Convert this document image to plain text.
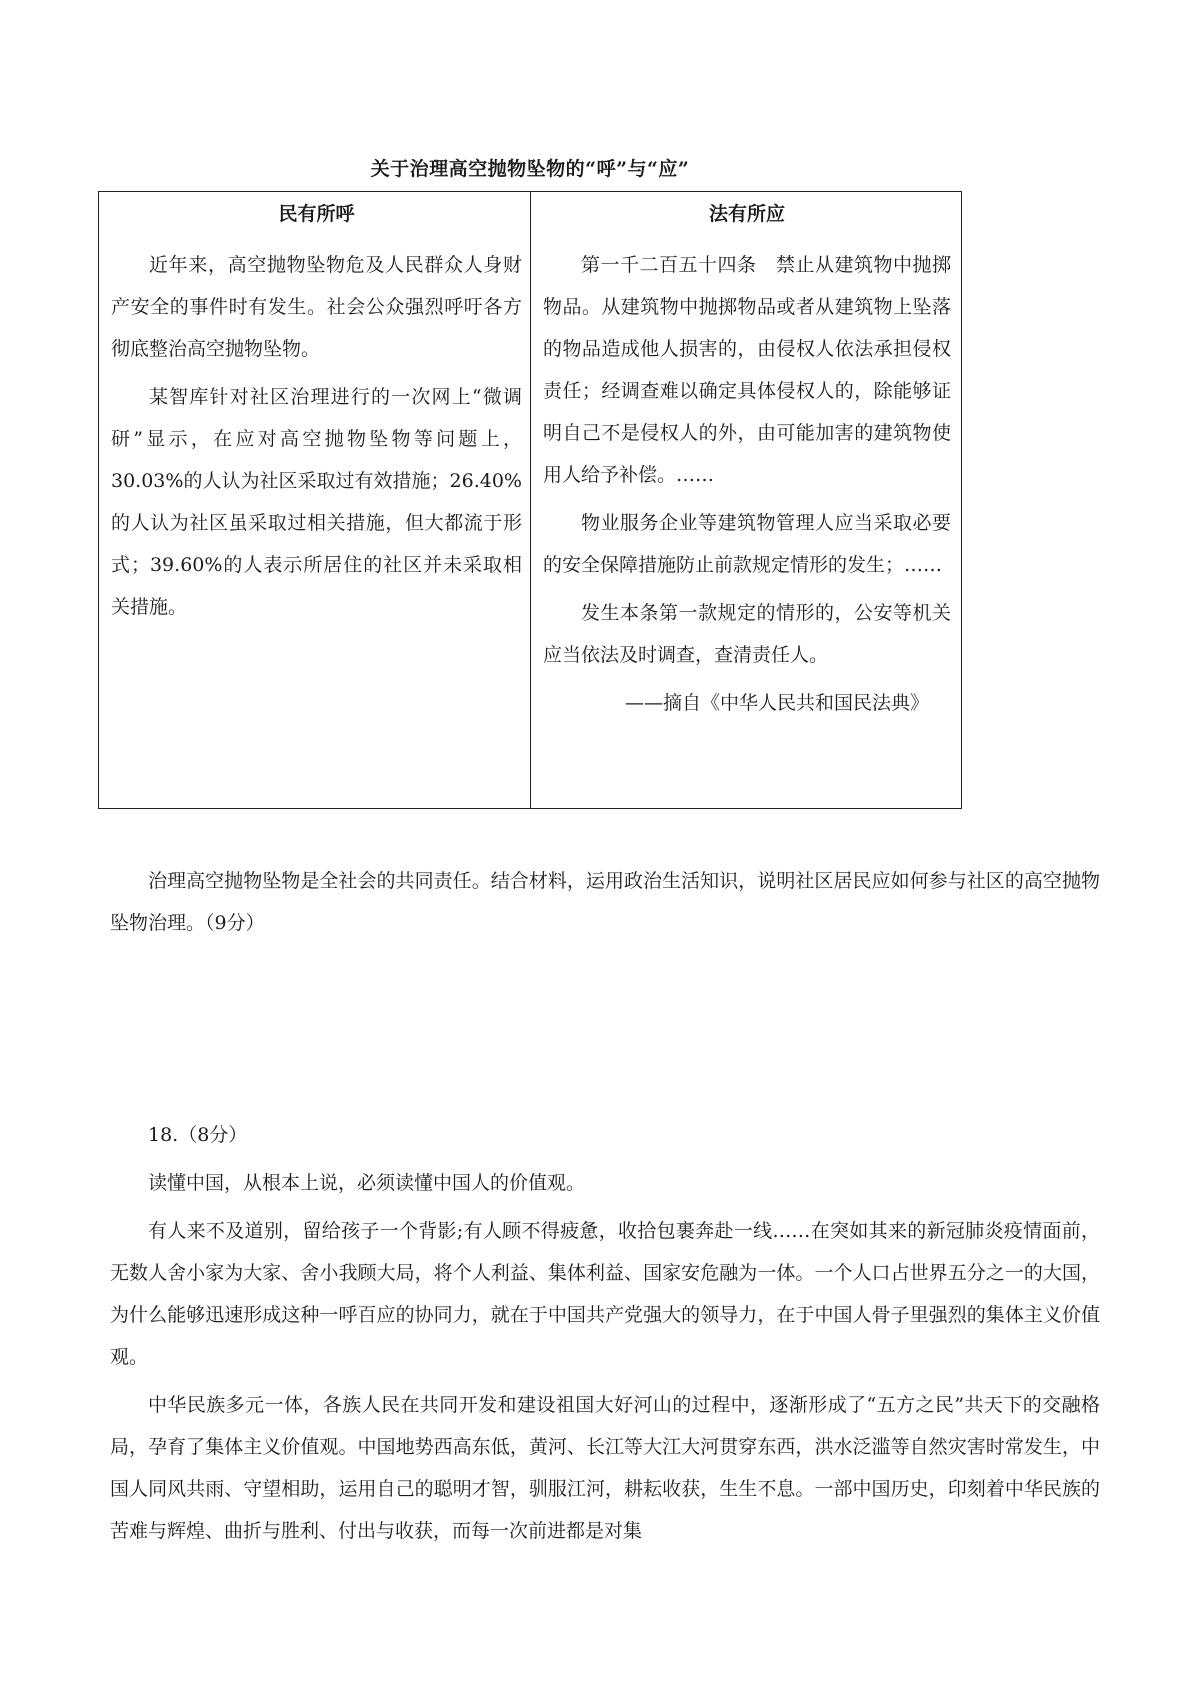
关于治理高空抛物坠物的“呼”与“应”
民有所呼

近年来，高空抛物坠物危及人民群众人身财产安全的事件时有发生。社会公众强烈呼吁各方彻底整治高空抛物坠物。

某智库针对社区治理进行的一次网上“微调研”显示，在应对高空抛物坠物等问题上，30.03%的人认为社区采取过有效措施；26.40%的人认为社区虽采取过相关措施，但大都流于形式；39.60%的人表示所居住的社区并未采取相关措施。

法有所应

第一千二百五十四条　禁止从建筑物中抛掷物品。从建筑物中抛掷物品或者从建筑物上坠落的物品造成他人损害的，由侵权人依法承担侵权责任；经调查难以确定具体侵权人的，除能够证明自己不是侵权人的外，由可能加害的建筑物使用人给予补偿。……

物业服务企业等建筑物管理人应当采取必要的安全保障措施防止前款规定情形的发生；……

发生本条第一款规定的情形的，公安等机关应当依法及时调查，查清责任人。

——摘自《中华人民共和国民法典》

治理高空抛物坠物是全社会的共同责任。结合材料，运用政治生活知识，说明社区居民应如何参与社区的高空抛物坠物治理。（9分）

18.（8分）

读懂中国，从根本上说，必须读懂中国人的价值观。

有人来不及道别，留给孩子一个背影;有人顾不得疲惫，收拾包裹奔赴一线……在突如其来的新冠肺炎疫情面前，无数人舍小家为大家、舍小我顾大局，将个人利益、集体利益、国家安危融为一体。一个人口占世界五分之一的大国，为什么能够迅速形成这种一呼百应的协同力，就在于中国共产党强大的领导力，在于中国人骨子里强烈的集体主义价值观。

中华民族多元一体，各族人民在共同开发和建设祖国大好河山的过程中，逐渐形成了“五方之民”共天下的交融格局，孕育了集体主义价值观。中国地势西高东低，黄河、长江等大江大河贯穿东西，洪水泛滥等自然灾害时常发生，中国人同风共雨、守望相助，运用自己的聪明才智，驯服江河，耕耘收获，生生不息。一部中国历史，印刻着中华民族的苦难与辉煌、曲折与胜利、付出与收获，而每一次前进都是对集
